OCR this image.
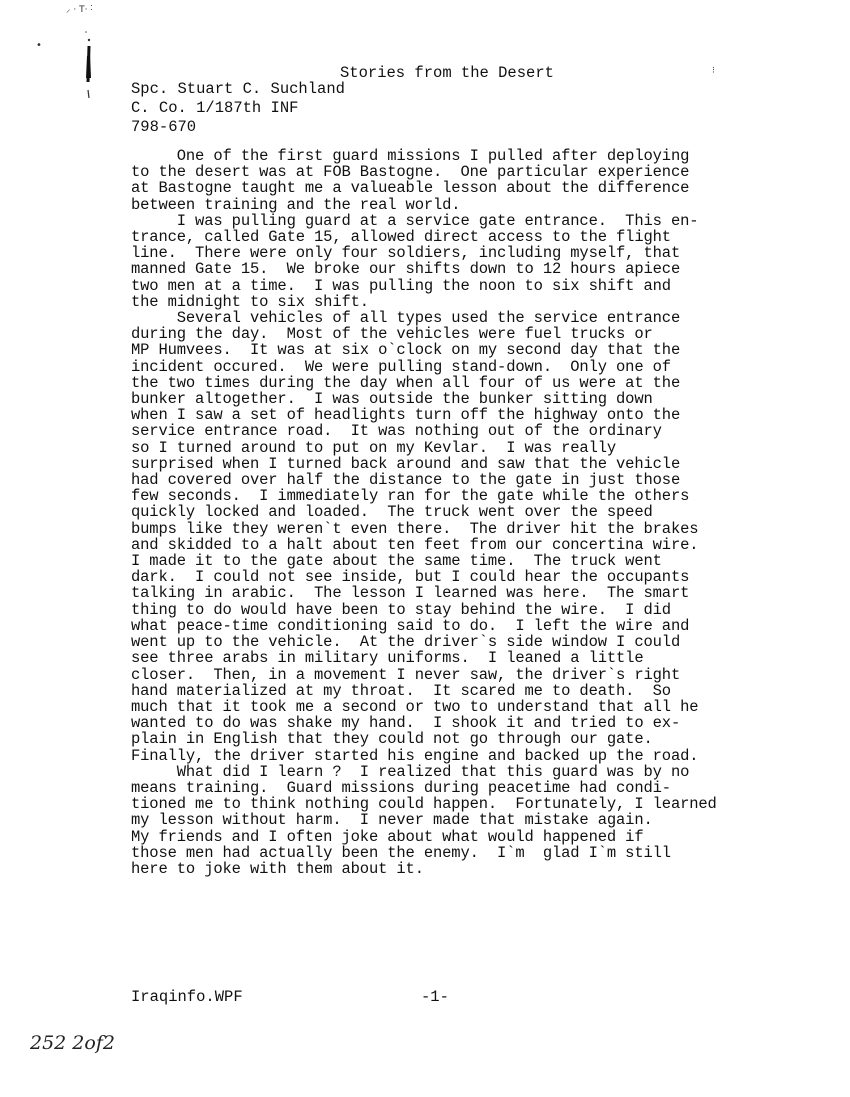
⸝ · T· ˸
•
⁝

Stories from the Desert

Spc. Stuart C. Suchland
C. Co. 1/187th INF
798-670
One of the first guard missions I pulled after deploying
to the desert was at FOB Bastogne.  One particular experience
at Bastogne taught me a valueable lesson about the difference
between training and the real world.
I was pulling guard at a service gate entrance.  This en-
trance, called Gate 15, allowed direct access to the flight
line.  There were only four soldiers, including myself, that
manned Gate 15.  We broke our shifts down to 12 hours apiece
two men at a time.  I was pulling the noon to six shift and
the midnight to six shift.
Several vehicles of all types used the service entrance
during the day.  Most of the vehicles were fuel trucks or
MP Humvees.  It was at six o`clock on my second day that the
incident occured.  We were pulling stand-down.  Only one of
the two times during the day when all four of us were at the
bunker altogether.  I was outside the bunker sitting down
when I saw a set of headlights turn off the highway onto the
service entrance road.  It was nothing out of the ordinary
so I turned around to put on my Kevlar.  I was really
surprised when I turned back around and saw that the vehicle
had covered over half the distance to the gate in just those
few seconds.  I immediately ran for the gate while the others
quickly locked and loaded.  The truck went over the speed
bumps like they weren`t even there.  The driver hit the brakes
and skidded to a halt about ten feet from our concertina wire.
I made it to the gate about the same time.  The truck went
dark.  I could not see inside, but I could hear the occupants
talking in arabic.  The lesson I learned was here.  The smart
thing to do would have been to stay behind the wire.  I did
what peace-time conditioning said to do.  I left the wire and
went up to the vehicle.  At the driver`s side window I could
see three arabs in military uniforms.  I leaned a little
closer.  Then, in a movement I never saw, the driver`s right
hand materialized at my throat.  It scared me to death.  So
much that it took me a second or two to understand that all he
wanted to do was shake my hand.  I shook it and tried to ex-
plain in English that they could not go through our gate.
Finally, the driver started his engine and backed up the road.
What did I learn ?  I realized that this guard was by no
means training.  Guard missions during peacetime had condi-
tioned me to think nothing could happen.  Fortunately, I learned
my lesson without harm.  I never made that mistake again.
My friends and I often joke about what would happened if
those men had actually been the enemy.  I`m  glad I`m still
here to joke with them about it.
Iraqinfo.WPF	-1-
252 2of2
